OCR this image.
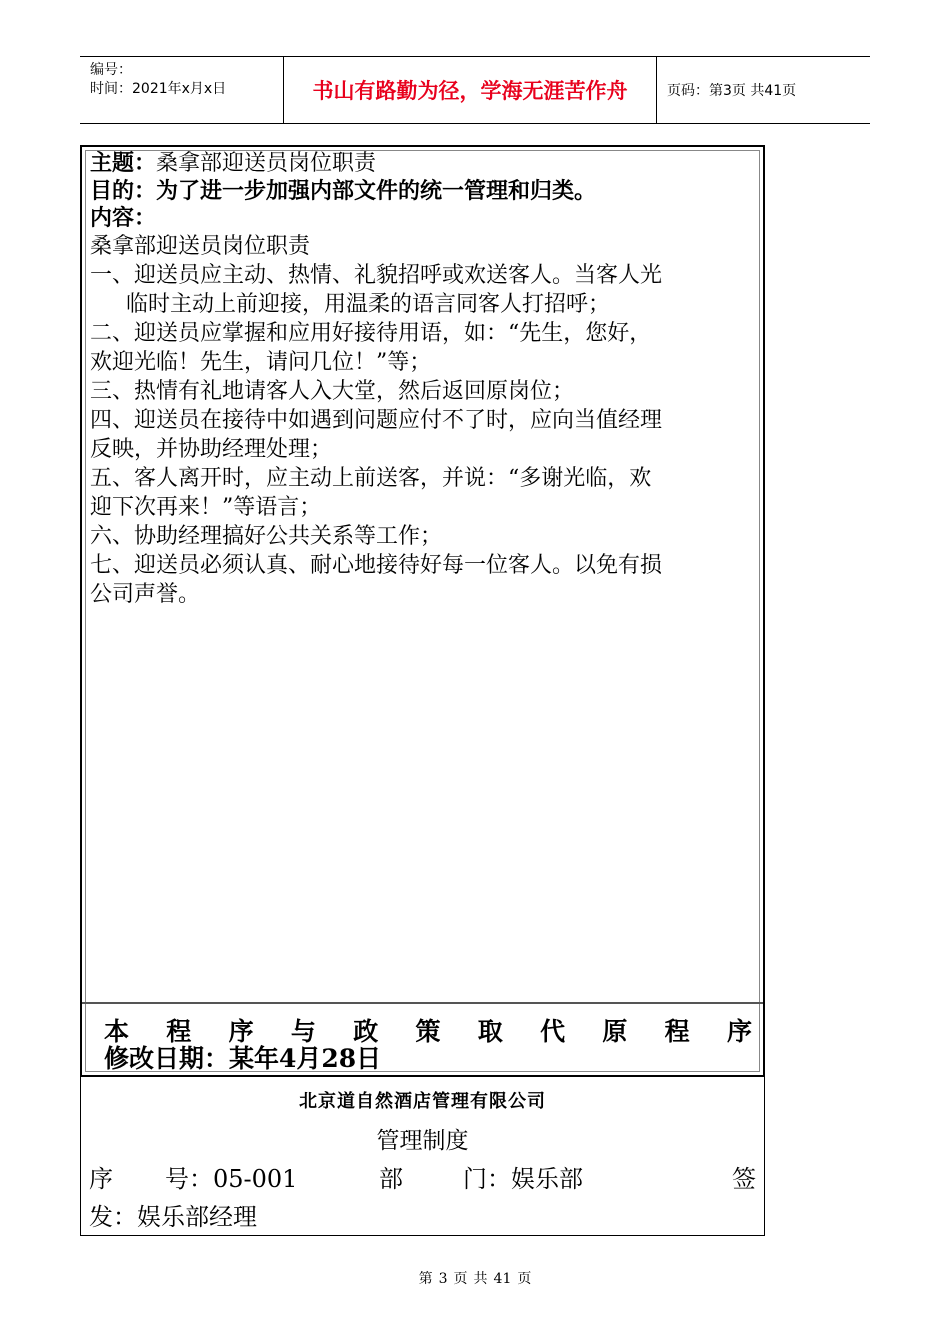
编号：
时间：2021年x月x日	书山有路勤为径，学海无涯苦作舟	页码：第3页 共41页
主题：桑拿部迎送员岗位职责
目的：为了进一步加强内部文件的统一管理和归类。
内容：
桑拿部迎送员岗位职责
一、迎送员应主动、热情、礼貌招呼或欢送客人。当客人光
临时主动上前迎接，用温柔的语言同客人打招呼；
二、迎送员应掌握和应用好接待用语，如：“先生，您好，
欢迎光临！先生，请问几位！”等；
三、热情有礼地请客人入大堂，然后返回原岗位；
四、迎送员在接待中如遇到问题应付不了时，应向当值经理
反映，并协助经理处理；
五、客人离开时，应主动上前送客，并说：“多谢光临，欢
迎下次再来！”等语言；
六、协助经理搞好公共关系等工作；
七、迎送员必须认真、耐心地接待好每一位客人。以免有损
公司声誉。
本 程 序 与 政 策 取 代 原 程 序
修改日期：某年4月28日
北京道自然酒店管理有限公司
管理制度
序	号：05-001	部	门：娱乐部	签
发：娱乐部经理
第 3 页 共 41 页
